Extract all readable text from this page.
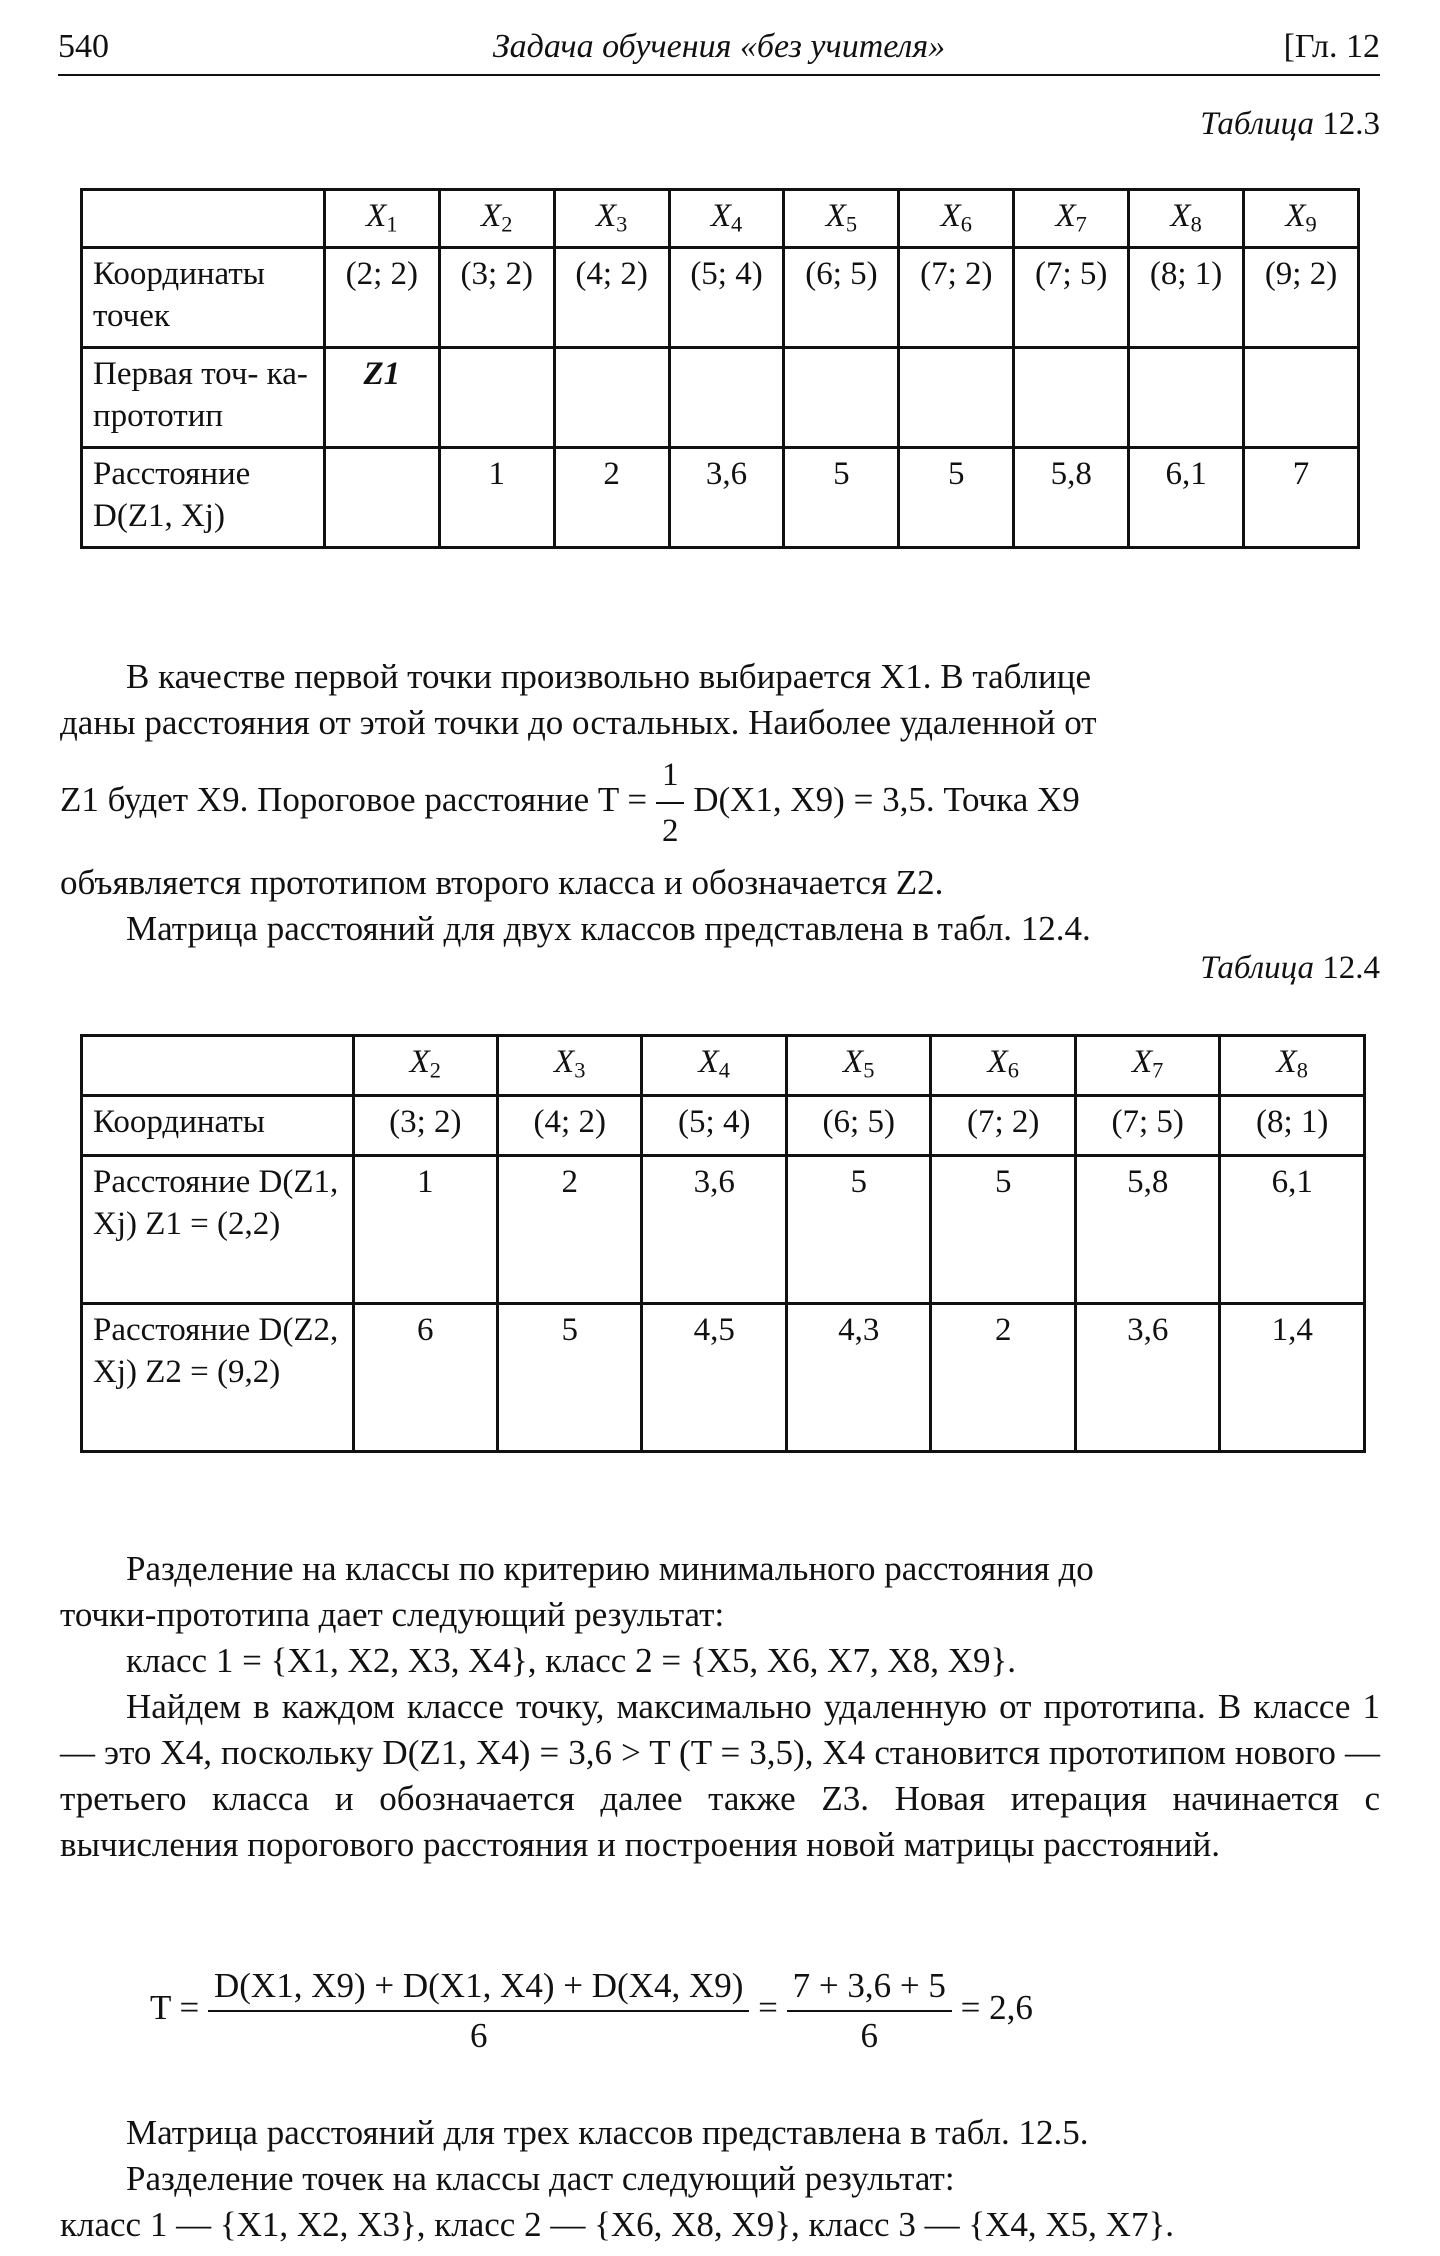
540	Задача обучения «без учителя»	[Гл. 12
Таблица 12.3
	$X_1$	$X_2$	$X_3$	$X_4$	$X_5$	$X_6$	$X_7$	$X_8$	$X_9$
Координаты точек	(2; 2)	(3; 2)	(4; 2)	(5; 4)	(6; 5)	(7; 2)	(7; 5)	(8; 1)	(9; 2)
Первая точ- ка-прототип	Z1								
Расстояние D(Z1, Xj)		1	2	3,6	5	5	5,8	6,1	7

В качестве первой точки произвольно выбирается X1. В таблице

даны расстояния от этой точки до остальных. Наиболее удаленной от

Z1 будет X9. Пороговое расстояние $T = \frac{1}{2} D(X1$, X9) = 3,5. Точка X9

объявляется прототипом второго класса и обозначается Z2.

Матрица расстояний для двух классов представлена в табл. 12.4.

Таблица 12.4
	$X_2$	$X_3$	$X_4$	$X_5$	$X_6$	$X_7$	$X_8$
Координаты	(3; 2)	(4; 2)	(5; 4)	(6; 5)	(7; 2)	(7; 5)	(8; 1)
Расстояние D(Z1, Xj) Z1 = (2,2)	1	2	3,6	5	5	5,8	6,1
Расстояние D(Z2, Xj) Z2 = (9,2)	6	5	4,5	4,3	2	3,6	1,4

Разделение на классы по критерию минимального расстояния до

точки-прототипа дает следующий результат:

класс 1 = {X1, X2, X3, X4}, класс 2 = {X5, X6, X7, X8, X9}.

Найдем в каждом классе точку, максимально удаленную от прототипа. В классе 1 — это X4, поскольку D(Z1, X4) = 3,6 > T (T = 3,5), X4 становится прототипом нового — третьего класса и обозначается далее также Z3. Новая итерация начинается с вычисления порогового расстояния и построения новой матрицы расстояний.

$T = \frac{D(X1, X9) + D(X1, X4) + D(X4, X9)}{6} = \frac{7 + 3,6 + 5}{6} = 2,6$

Матрица расстояний для трех классов представлена в табл. 12.5.

Разделение точек на классы даст следующий результат:

класс 1 — {X1, X2, X3}, класс 2 — {X6, X8, X9}, класс 3 — {X4, X5, X7}.
